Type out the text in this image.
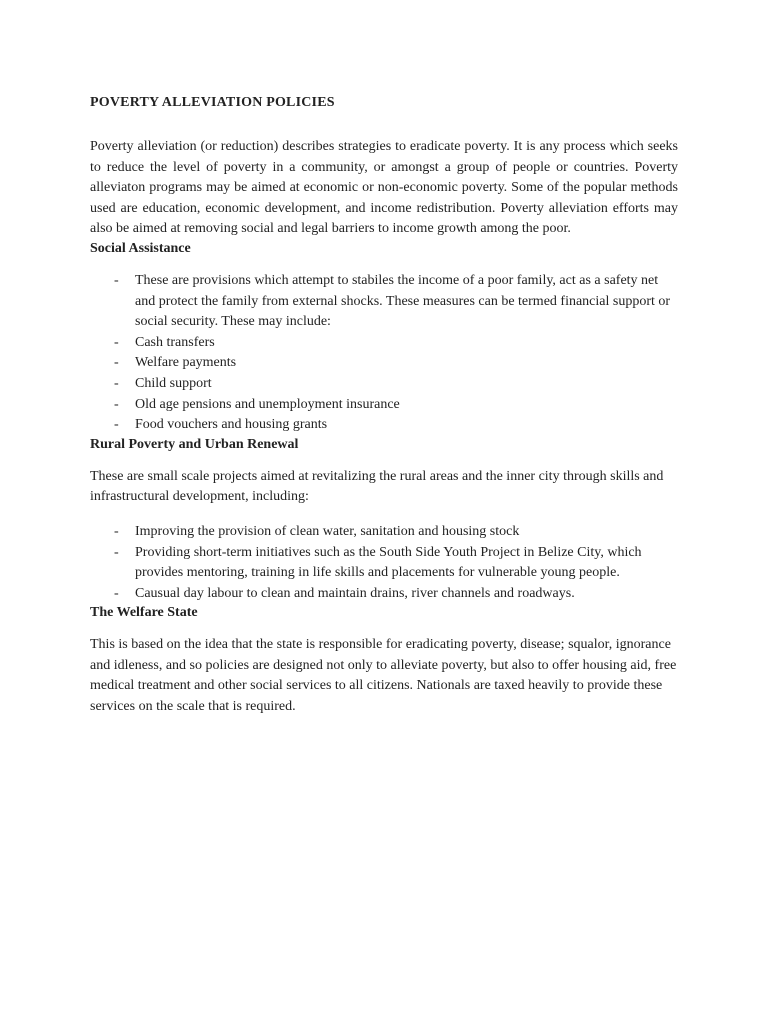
POVERTY ALLEVIATION POLICIES

Poverty alleviation (or reduction) describes strategies to eradicate poverty. It is any process which seeks to reduce the level of poverty in a community, or amongst a group of people or countries. Poverty alleviaton programs may be aimed at economic or non-economic poverty. Some of the popular methods used are education, economic development, and income redistribution. Poverty alleviation efforts may also be aimed at removing social and legal barriers to income growth among the poor.

Social Assistance
- These are provisions which attempt to stabiles the income of a poor family, act as a safety net and protect the family from external shocks. These measures can be termed financial support or social security. These may include:
- Cash transfers
- Welfare payments
- Child support
- Old age pensions and unemployment insurance
- Food vouchers and housing grants
Rural Poverty and Urban Renewal

These are small scale projects aimed at revitalizing the rural areas and the inner city through skills and infrastructural development, including:

- Improving the provision of clean water, sanitation and housing stock
- Providing short-term initiatives such as the South Side Youth Project in Belize City, which provides mentoring, training in life skills and placements for vulnerable young people.
- Causual day labour to clean and maintain drains, river channels and roadways.
The Welfare State

This is based on the idea that the state is responsible for eradicating poverty, disease; squalor, ignorance and idleness, and so policies are designed not only to alleviate poverty, but also to offer housing aid, free medical treatment and other social services to all citizens. Nationals are taxed heavily to provide these services on the scale that is required.
